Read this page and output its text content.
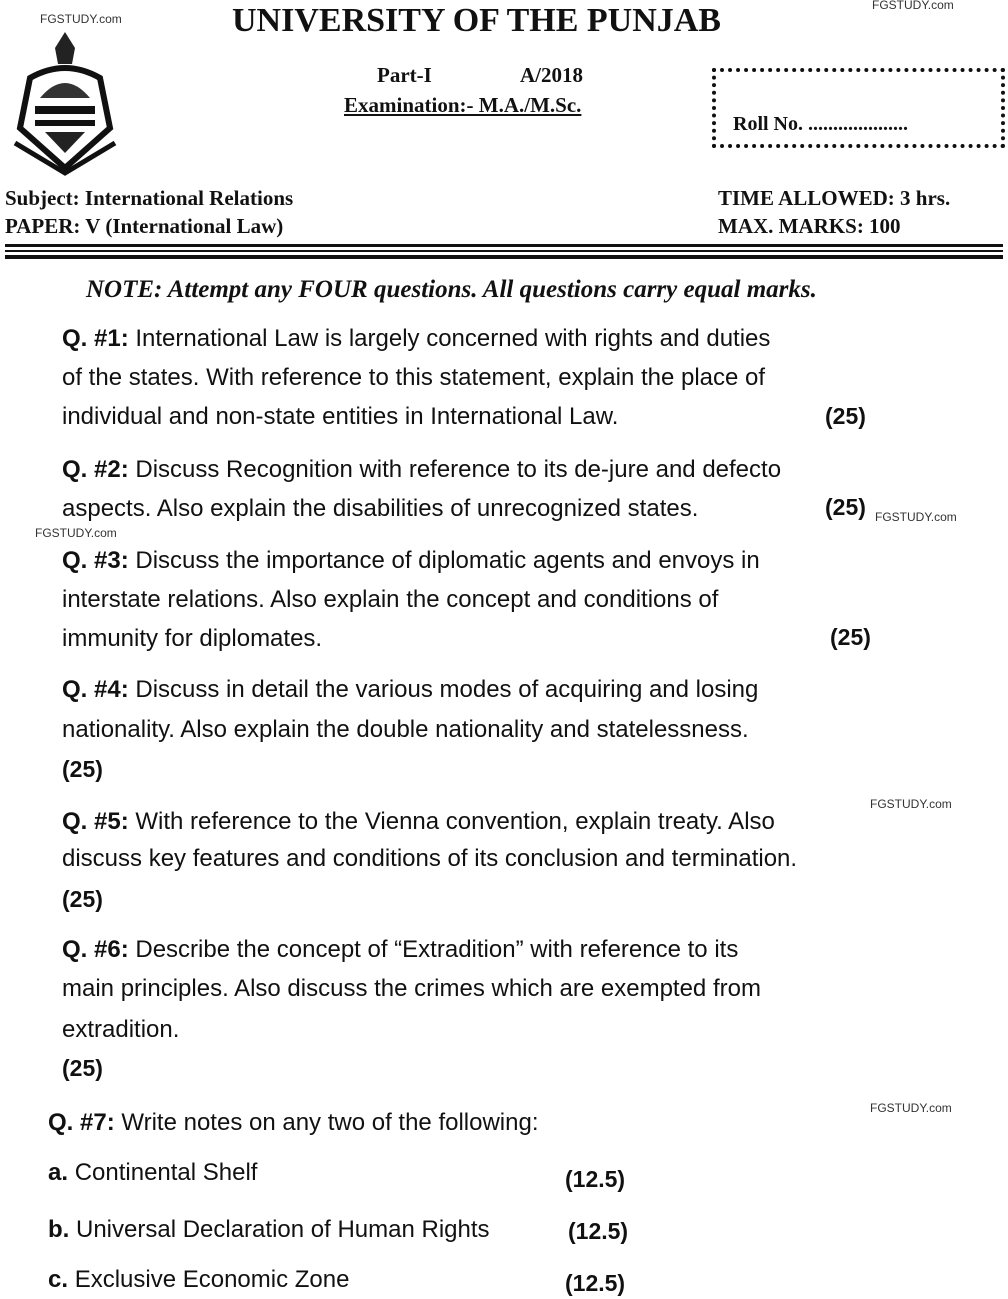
FGSTUDY.com
FGSTUDY.com
FGSTUDY.com
FGSTUDY.com
FGSTUDY.com
FGSTUDY.com
UNIVERSITY OF THE PUNJAB
Part-I	A/2018
Examination:- M.A./M.Sc.
Roll No. ....................
Subject: International Relations
PAPER: V (International Law)
TIME ALLOWED: 3 hrs.
MAX. MARKS: 100
NOTE: Attempt any FOUR questions. All questions carry equal marks.
Q. #1: International Law is largely concerned with rights and duties
of the states. With reference to this statement, explain the place of
individual and non-state entities in International Law.	(25)
Q. #2: Discuss Recognition with reference to its de-jure and defecto
aspects. Also explain the disabilities of unrecognized states.	(25)
Q. #3: Discuss the importance of diplomatic agents and envoys in
interstate relations. Also explain the concept and conditions of
immunity for diplomates.	(25)
Q. #4: Discuss in detail the various modes of acquiring and losing
nationality. Also explain the double nationality and statelessness.
(25)
Q. #5: With reference to the Vienna convention, explain treaty. Also
discuss key features and conditions of its conclusion and termination.
(25)
Q. #6: Describe the concept of “Extradition” with reference to its
main principles. Also discuss the crimes which are exempted from
extradition.
(25)
Q. #7: Write notes on any two of the following:
a. Continental Shelf	(12.5)
b. Universal Declaration of Human Rights	(12.5)
c. Exclusive Economic Zone	(12.5)
